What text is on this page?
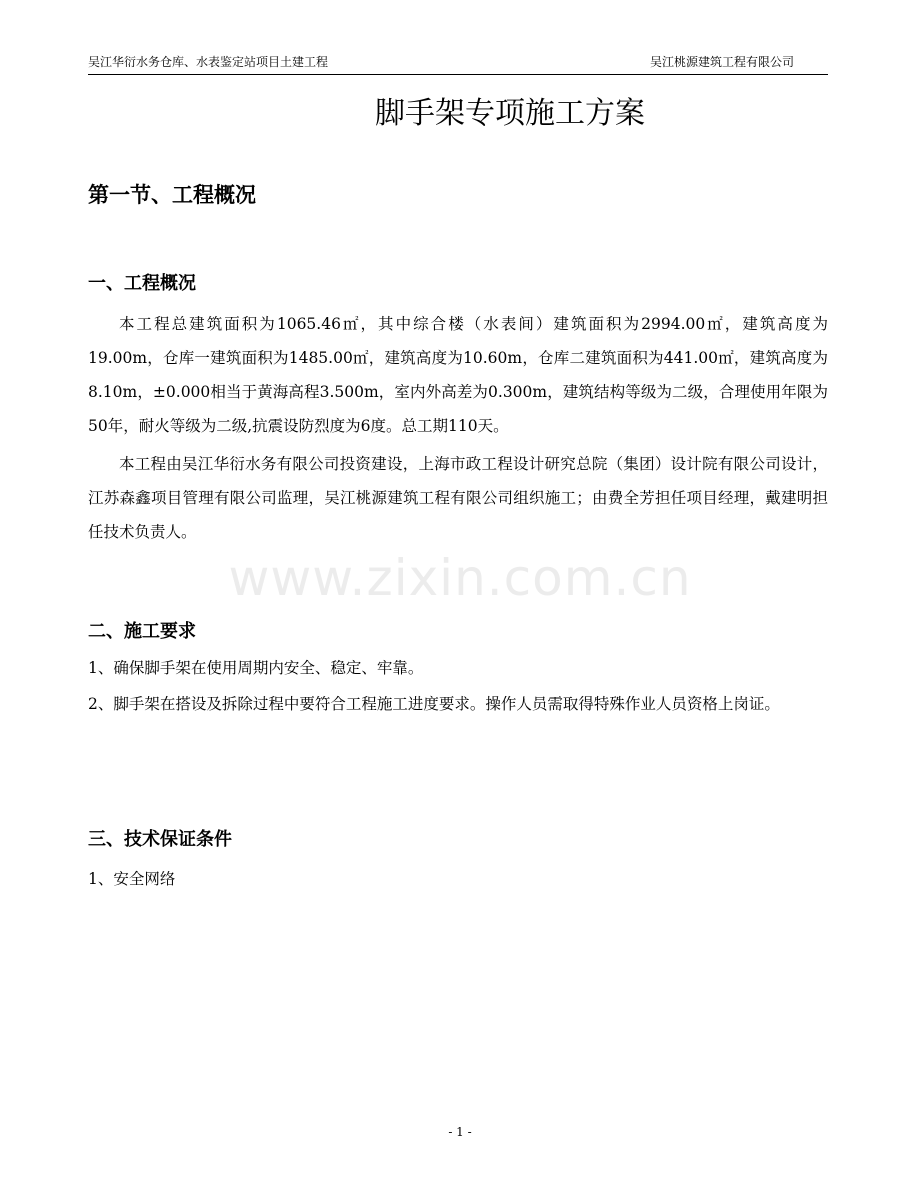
吴江华衍水务仓库、水表鉴定站项目土建工程	吴江桃源建筑工程有限公司
脚手架专项施工方案
第一节、工程概况
一、工程概况

本工程总建筑面积为1065.46㎡，其中综合楼（水表间）建筑面积为2994.00㎡，建筑高度为19.00m，仓库一建筑面积为1485.00㎡，建筑高度为10.60m，仓库二建筑面积为441.00㎡，建筑高度为8.10m，±0.000相当于黄海高程3.500m，室内外高差为0.300m，建筑结构等级为二级，合理使用年限为50年，耐火等级为二级,抗震设防烈度为6度。总工期110天。

本工程由吴江华衍水务有限公司投资建设，上海市政工程设计研究总院（集团）设计院有限公司设计，江苏森鑫项目管理有限公司监理，吴江桃源建筑工程有限公司组织施工；由费全芳担任项目经理，戴建明担任技术负责人。

www.zixin.com.cn
二、施工要求

1、确保脚手架在使用周期内安全、稳定、牢靠。

2、脚手架在搭设及拆除过程中要符合工程施工进度要求。操作人员需取得特殊作业人员资格上岗证。

三、技术保证条件

1、安全网络

- 1 -
